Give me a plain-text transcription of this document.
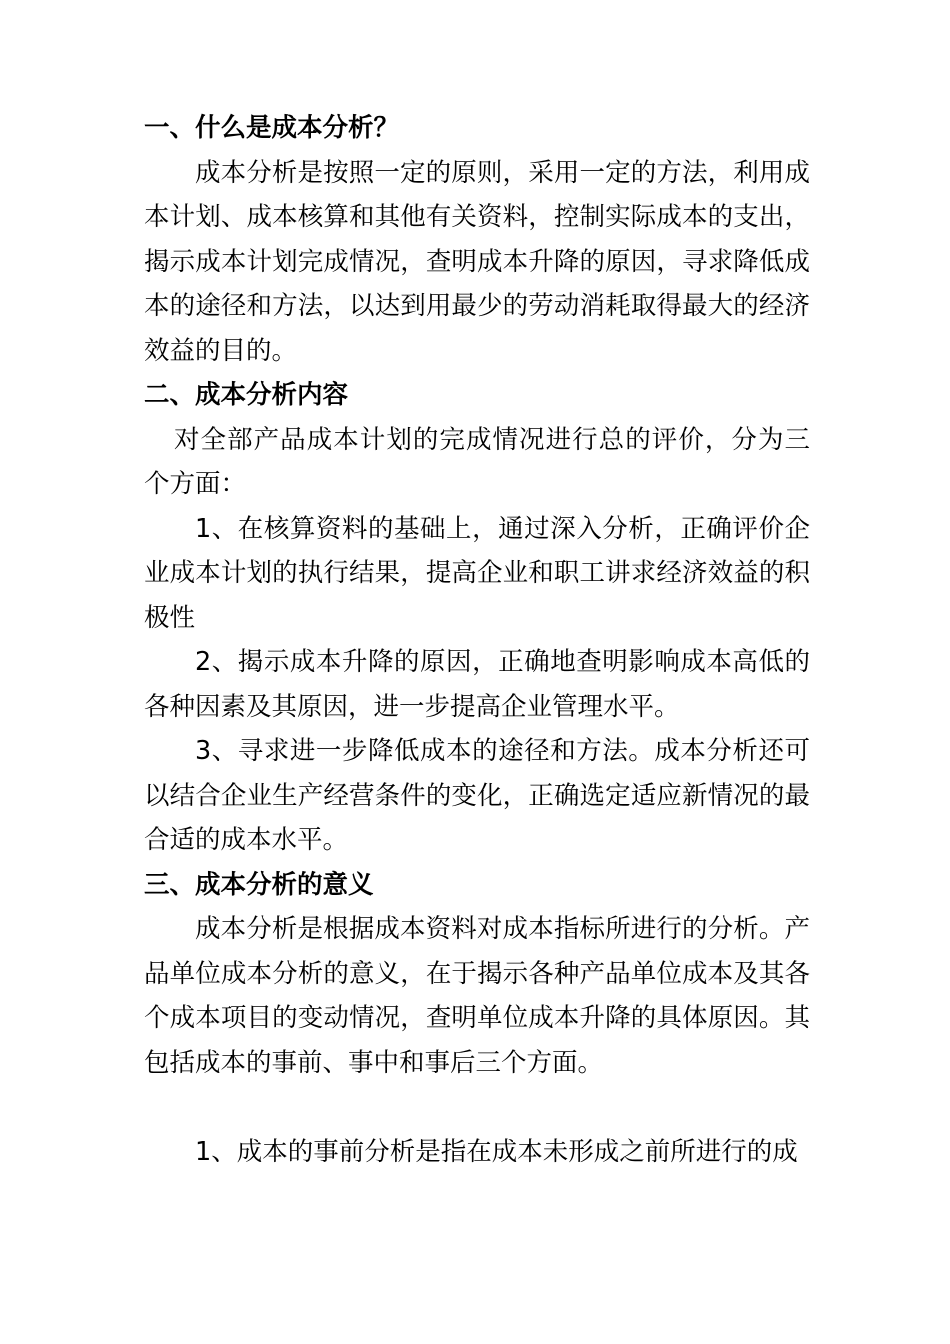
一、什么是成本分析？

成本分析是按照一定的原则，采用一定的方法，利用成本计划、成本核算和其他有关资料，控制实际成本的支出，揭示成本计划完成情况，查明成本升降的原因，寻求降低成本的途径和方法，以达到用最少的劳动消耗取得最大的经济效益的目的。

二、成本分析内容

对全部产品成本计划的完成情况进行总的评价，分为三个方面：

1、在核算资料的基础上，通过深入分析，正确评价企业成本计划的执行结果，提高企业和职工讲求经济效益的积极性

2、揭示成本升降的原因，正确地查明影响成本高低的各种因素及其原因，进一步提高企业管理水平。

3、寻求进一步降低成本的途径和方法。成本分析还可以结合企业生产经营条件的变化，正确选定适应新情况的最合适的成本水平。

三、成本分析的意义

成本分析是根据成本资料对成本指标所进行的分析。产品单位成本分析的意义，在于揭示各种产品单位成本及其各个成本项目的变动情况，查明单位成本升降的具体原因。其包括成本的事前、事中和事后三个方面。

1、成本的事前分析是指在成本未形成之前所进行的成
